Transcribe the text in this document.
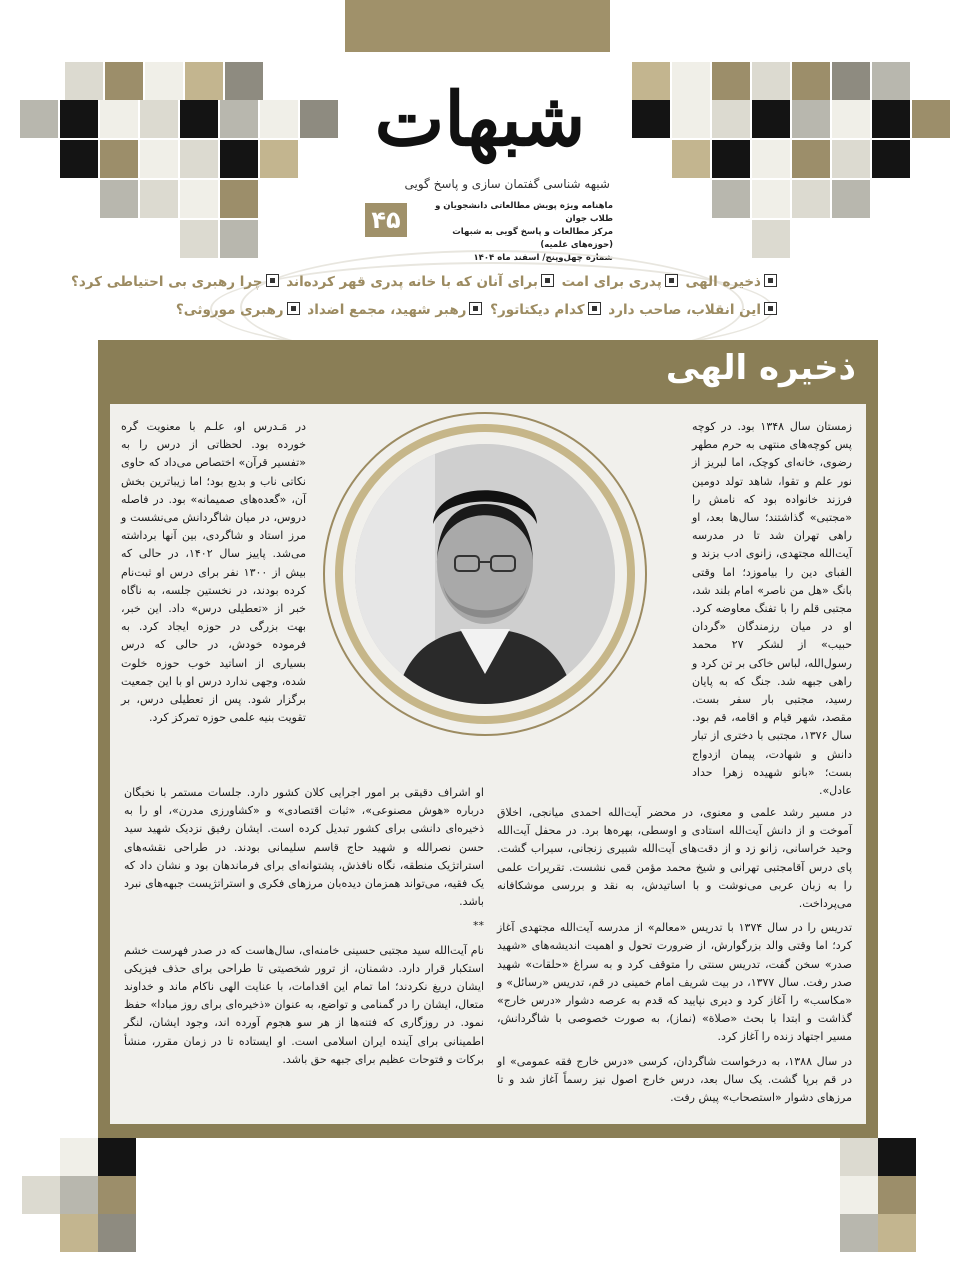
شبهات
شبهه شناسی گفتمان سازی و پاسخ گویی
۴۵	ماهنامه ویژه پویش مطالعاتی دانشجویان و طلاب جوان
مرکز مطالعات و پاسخ گویی به شبهات (حوزه‌های علمیه)
شماره چهل‌وپنج/ اسفند ماه ۱۴۰۴
ذخیره الهی پدری برای امت برای آنان که با خانه پدری قهر کرده‌اند چرا رهبری بی احتیاطی کرد؟
این انقلاب، صاحب دارد کدام دیکتاتور؟ رهبر شهید، مجمع اضداد رهبری موروثی؟
ذخیره الهی

زمستان سال ۱۳۴۸ بود. در کوچه پس کوچه‌های منتهی به حرم مطهر رضوی، خانه‌ای کوچک، اما لبریز از نور علم و تقوا، شاهد تولد دومین فرزند خانواده بود که نامش را «مجتبی» گذاشتند؛ سال‌ها بعد، او راهی تهران شد تا در مدرسه آیت‌الله مجتهدی، زانوی ادب بزند و الفبای دین را بیاموزد؛ اما وقتی بانگ «هل من ناصر» امام بلند شد، مجتبی قلم را با تفنگ معاوضه کرد. او در میان رزمندگان «گردان حبیب» از لشکر ۲۷ محمد رسول‌الله، لباس خاکی بر تن کرد و راهی جبهه شد. جنگ که به پایان رسید، مجتبی بار سفر بست. مقصد، شهر قیام و اقامه، قم بود. سال ۱۳۷۶، مجتبی با دختری از تبار دانش و شهادت، پیمان ازدواج بست؛ «بانو شهیده زهرا حداد عادل».

در مَـدرس او، علـم با معنویت گره خورده بود. لحظاتی از درس را به «تفسیر قرآن» اختصاص می‌داد که حاوی نکاتی ناب و بدیع بود؛ اما زیباترین بخش آن، «گعده‌های صمیمانه» بود. در فاصله دروس، در میان شاگردانش می‌نشست و مرز استاد و شاگردی، بین آنها برداشته می‌شد. پاییز سال ۱۴۰۲، در حالی که بیش از ۱۳۰۰ نفر برای درس او ثبت‌نام کرده بودند، در نخستین جلسه، به ناگاه خبر از «تعطیلی درس» داد. این خبر، بهت بزرگی در حوزه ایجاد کرد. به فرموده خودش، در حالی که درس بسیاری از اساتید خوب حوزه خلوت شده، وجهی ندارد درس او با این جمعیت برگزار شود. پس از تعطیلی درس، بر تقویت بنیه علمی حوزه تمرکز کرد.

در مسیر رشد علمی و معنوی، در محضر آیت‌الله احمدی میانجی، اخلاق آموخت و از دانش آیت‌الله استادی و اوسطی، بهره‌ها برد. در محفل آیت‌الله وحید خراسانی، زانو زد و از دقت‌های آیت‌الله شبیری زنجانی، سیراب گشت. پای درس آقامجتبی تهرانی و شیخ محمد مؤمن قمی نشست. تقریرات علمی را به زبان عربی می‌نوشت و با اساتیدش، به نقد و بررسی موشکافانه می‌پرداخت.

تدریس را در سال ۱۳۷۴ با تدریس «معالم» از مدرسه آیت‌الله مجتهدی آغاز کرد؛ اما وقتی والد بزرگوارش، از ضرورت تحول و اهمیت اندیشه‌های «شهید صدر» سخن گفت، تدریس سنتی را متوقف کرد و به سراغ «حلقات» شهید صدر رفت. سال ۱۳۷۷، در بیت شریف امام خمینی در قم، تدریس «رسائل» و «مکاسب» را آغاز کرد و دیری نپایید که قدم به عرصه دشوار «درس خارج» گذاشت و ابتدا با بحث «صلاة» (نماز)، به صورت خصوصی با شاگردانش، مسیر اجتهاد زنده را آغاز کرد.

در سال ۱۳۸۸، به درخواست شاگردان، کرسی «درس خارج فقه عمومی» او در قم برپا گشت. یک سال بعد، درس خارج اصول نیز رسماً آغاز شد و تا مرزهای دشوار «استصحاب» پیش رفت.

او اشراف دقیقی بر امور اجرایی کلان کشور دارد. جلسات مستمر با نخبگان درباره «هوش مصنوعی»، «ثبات اقتصادی» و «کشاورزی مدرن»، او را به ذخیره‌ای دانشی برای کشور تبدیل کرده است. ایشان رفیق نزدیک شهید سید حسن نصرالله و شهید حاج قاسم سلیمانی بودند. در طراحی نقشه‌های استراتژیک منطقه، نگاه نافذش، پشتوانه‌ای برای فرماندهان بود و نشان داد که یک فقیه، می‌تواند همزمان دیده‌بان مرزهای فکری و استراتژیست جبهه‌های نبرد باشد.

**

نام آیت‌الله سید مجتبی حسینی خامنه‌ای، سال‌هاست که در صدر فهرست خشم استکبار قرار دارد. دشمنان، از ترور شخصیتی تا طراحی برای حذف فیزیکی ایشان دریغ نکردند؛ اما تمام این اقدامات، با عنایت الهی ناکام ماند و خداوند متعال، ایشان را در گمنامی و تواضع، به عنوان «ذخیره‌ای برای روز مبادا» حفظ نمود. در روزگاری که فتنه‌ها از هر سو هجوم آورده اند، وجود ایشان، لنگر اطمینانی برای آینده ایران اسلامی است. او ایستاده تا در زمان مقرر، منشأ برکات و فتوحات عظیم برای جبهه حق باشد.
